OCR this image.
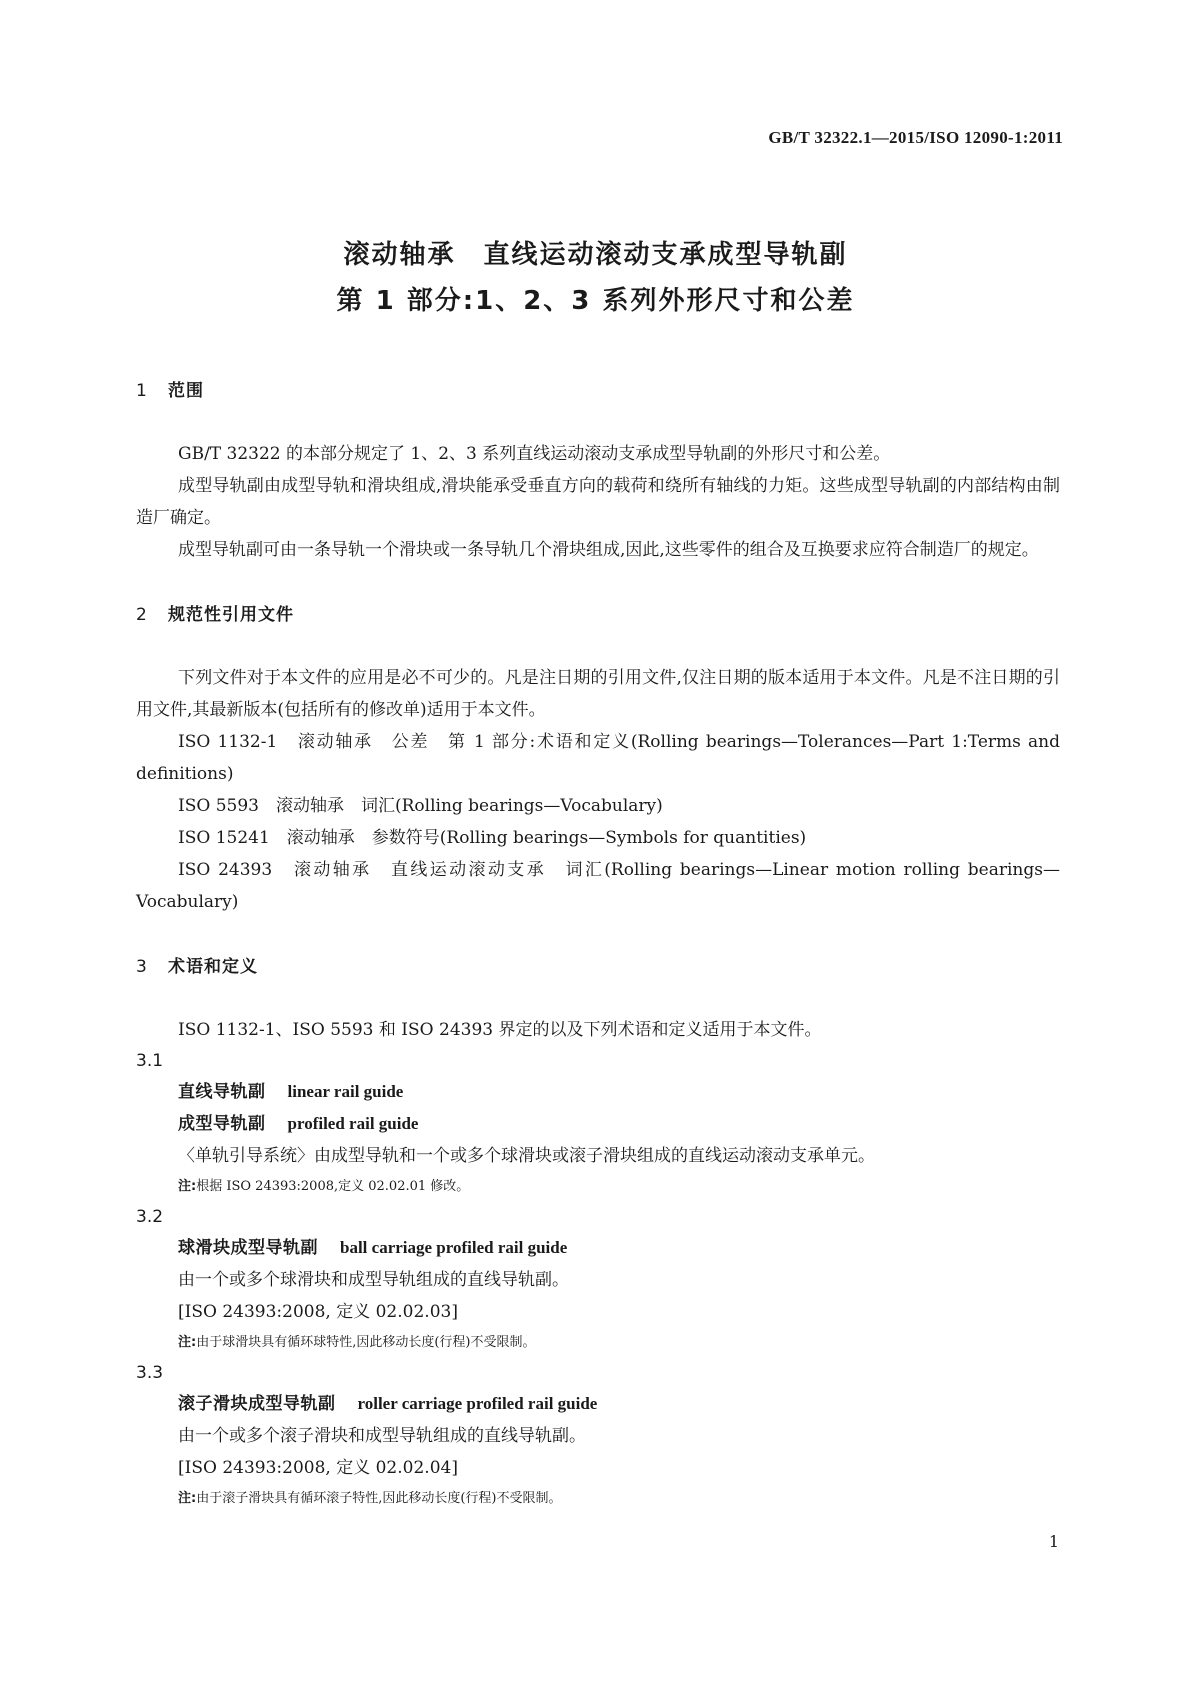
GB/T 32322.1—2015/ISO 12090-1:2011
滚动轴承　直线运动滚动支承成型导轨副
第 1 部分:1、2、3 系列外形尺寸和公差
1 范围

GB/T 32322 的本部分规定了 1、2、3 系列直线运动滚动支承成型导轨副的外形尺寸和公差。

成型导轨副由成型导轨和滑块组成,滑块能承受垂直方向的载荷和绕所有轴线的力矩。这些成型导轨副的内部结构由制造厂确定。

成型导轨副可由一条导轨一个滑块或一条导轨几个滑块组成,因此,这些零件的组合及互换要求应符合制造厂的规定。

2 规范性引用文件

下列文件对于本文件的应用是必不可少的。凡是注日期的引用文件,仅注日期的版本适用于本文件。凡是不注日期的引用文件,其最新版本(包括所有的修改单)适用于本文件。

ISO 1132-1　滚动轴承　公差　第 1 部分:术语和定义(Rolling bearings—Tolerances—Part 1:Terms and definitions)

ISO 5593　滚动轴承　词汇(Rolling bearings—Vocabulary)

ISO 15241　滚动轴承　参数符号(Rolling bearings—Symbols for quantities)

ISO 24393　滚动轴承　直线运动滚动支承　词汇(Rolling bearings—Linear motion rolling bearings—Vocabulary)

3 术语和定义

ISO 1132-1、ISO 5593 和 ISO 24393 界定的以及下列术语和定义适用于本文件。

3.1
直线导轨副 linear rail guide
成型导轨副 profiled rail guide
〈单轨引导系统〉由成型导轨和一个或多个球滑块或滚子滑块组成的直线运动滚动支承单元。
注:根据 ISO 24393:2008,定义 02.02.01 修改。
3.2
球滑块成型导轨副 ball carriage profiled rail guide
由一个或多个球滑块和成型导轨组成的直线导轨副。
[ISO 24393:2008, 定义 02.02.03]
注:由于球滑块具有循环球特性,因此移动长度(行程)不受限制。
3.3
滚子滑块成型导轨副 roller carriage profiled rail guide
由一个或多个滚子滑块和成型导轨组成的直线导轨副。
[ISO 24393:2008, 定义 02.02.04]
注:由于滚子滑块具有循环滚子特性,因此移动长度(行程)不受限制。
1
